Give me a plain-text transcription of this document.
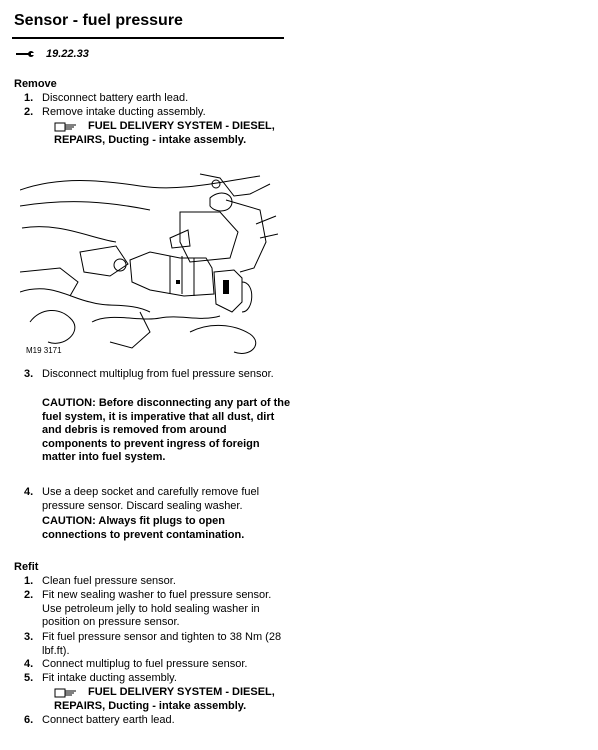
Sensor - fuel pressure
19.22.33
Remove
1. Disconnect battery earth lead.
2. Remove intake ducting assembly.
FUEL DELIVERY SYSTEM - DIESEL,
REPAIRS, Ducting - intake assembly.
M19 3171
3. Disconnect multiplug from fuel pressure sensor.
CAUTION: Before disconnecting any part of the fuel system, it is imperative that all dust, dirt and debris is removed from around components to prevent ingress of foreign matter into fuel system.
4. Use a deep socket and carefully remove fuel pressure sensor. Discard sealing washer.
CAUTION: Always fit plugs to open connections to prevent contamination.
Refit
1. Clean fuel pressure sensor.
2. Fit new sealing washer to fuel pressure sensor. Use petroleum jelly to hold sealing washer in position on pressure sensor.
3. Fit fuel pressure sensor and tighten to 38 Nm (28 lbf.ft).
4. Connect multiplug to fuel pressure sensor.
5. Fit intake ducting assembly.
FUEL DELIVERY SYSTEM - DIESEL,
REPAIRS, Ducting - intake assembly.
6. Connect battery earth lead.
